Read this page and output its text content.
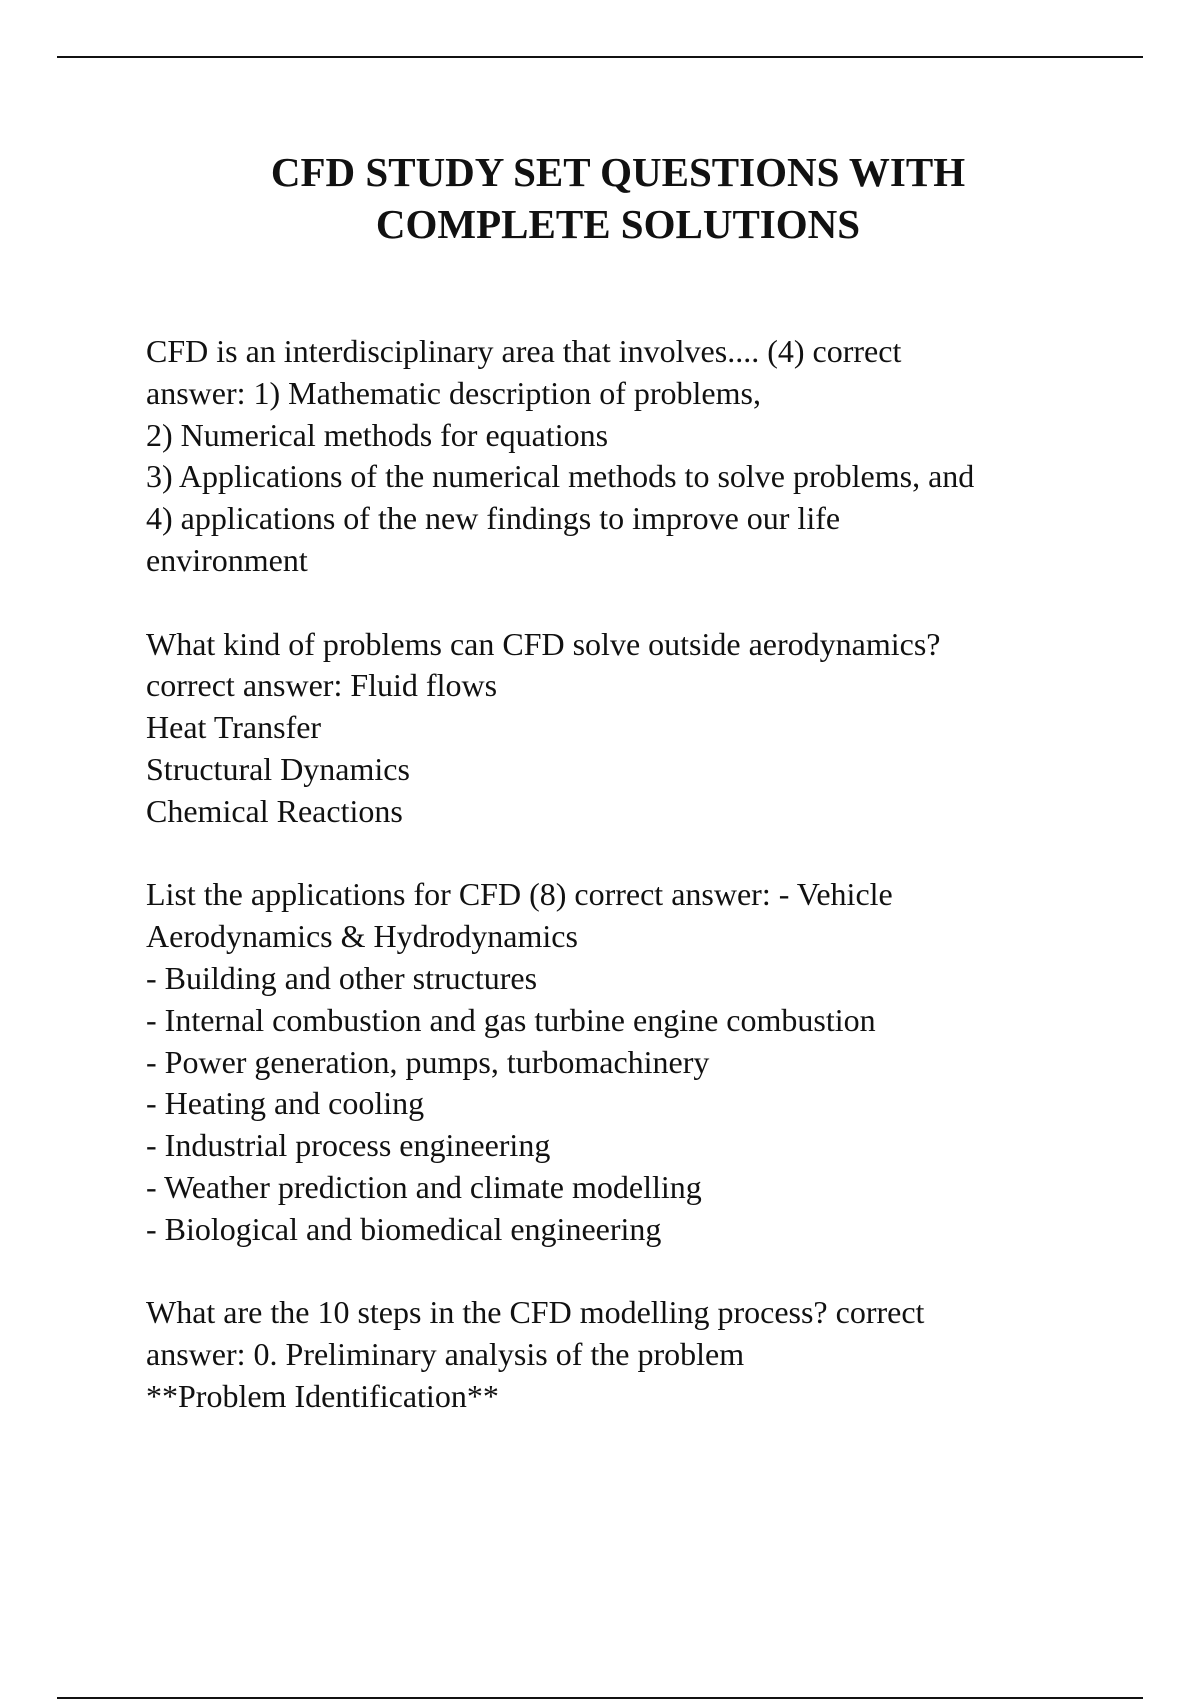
CFD STUDY SET QUESTIONS WITH
COMPLETE SOLUTIONS

CFD is an interdisciplinary area that involves.... (4) correct
answer: 1) Mathematic description of problems,
2) Numerical methods for equations
3) Applications of the numerical methods to solve problems, and
4) applications of the new findings to improve our life
environment

What kind of problems can CFD solve outside aerodynamics?
correct answer: Fluid flows
Heat Transfer
Structural Dynamics
Chemical Reactions

List the applications for CFD (8) correct answer: - Vehicle
Aerodynamics & Hydrodynamics
- Building and other structures
- Internal combustion and gas turbine engine combustion
- Power generation, pumps, turbomachinery
- Heating and cooling
- Industrial process engineering
- Weather prediction and climate modelling
- Biological and biomedical engineering

What are the 10 steps in the CFD modelling process? correct
answer: 0. Preliminary analysis of the problem
**Problem Identification**
